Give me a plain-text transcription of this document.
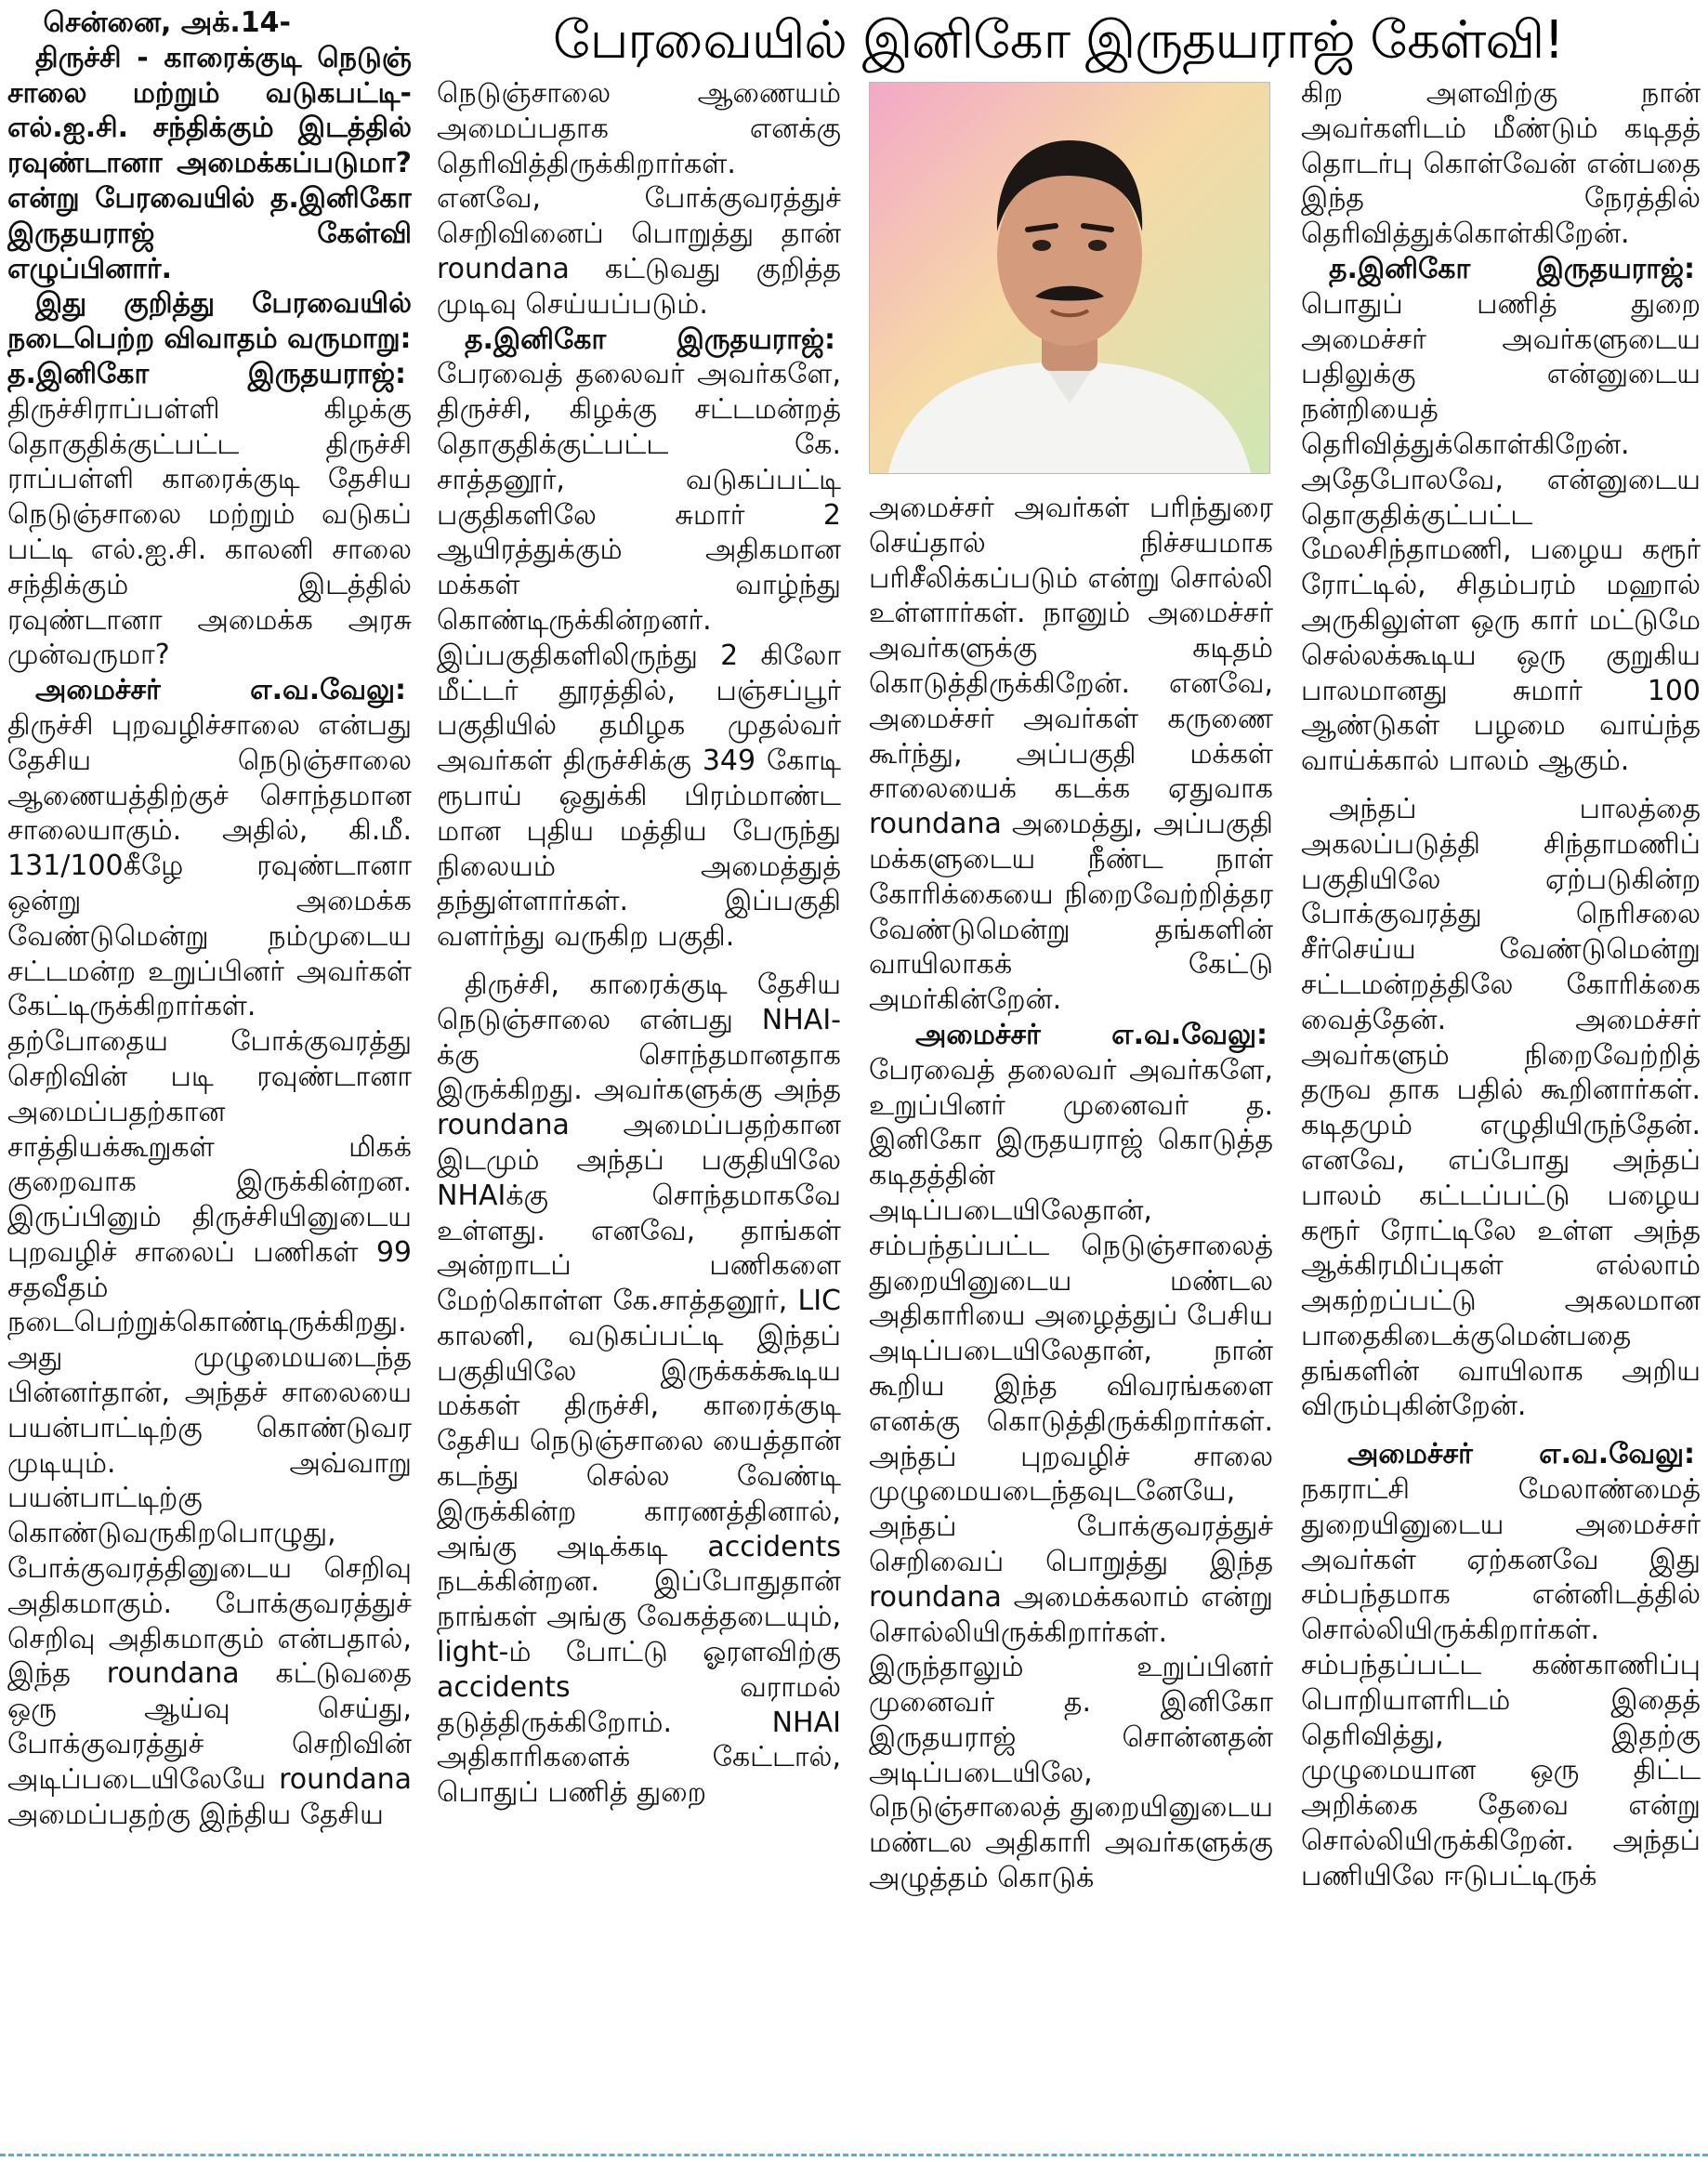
பேரவையில் இனிகோ இருதயராஜ் கேள்வி!

சென்னை, அக்.14-

திருச்சி - காரைக்குடி நெடுஞ் சாலை மற்றும் வடுகபட்டி- எல்.ஐ.சி. சந்திக்கும் இடத்தில் ரவுண்டானா அமைக்கப்படுமா? என்று பேரவையில் த.இனிகோ இருதயராஜ் கேள்வி எழுப்பினார்.

இது குறித்து பேரவையில் நடைபெற்ற விவாதம் வருமாறு:

த.இனிகோ	இருதயராஜ்:

திருச்சிராப்பள்ளி கிழக்கு தொகுதிக்குட்பட்ட திருச்சி ராப்பள்ளி காரைக்குடி தேசிய நெடுஞ்சாலை மற்றும் வடுகப் பட்டி எல்.ஐ.சி. காலனி சாலை சந்திக்கும் இடத்தில் ரவுண்டானா அமைக்க அரசு முன்வருமா?

அமைச்சர்	எ.வ.வேலு:

திருச்சி புறவழிச்சாலை என்பது தேசிய நெடுஞ்சாலை ஆணையத்திற்குச் சொந்தமான சாலையாகும். அதில், கி.மீ. 131/100கீழே ரவுண்டானா ஒன்று அமைக்க வேண்டுமென்று நம்முடைய சட்டமன்ற உறுப்பினர் அவர்கள் கேட்டிருக்கிறார்கள். தற்போதைய போக்குவரத்து செறிவின் படி ரவுண்டானா அமைப்பதற்கான சாத்தியக்கூறுகள் மிகக் குறைவாக இருக்கின்றன. இருப்பினும் திருச்சியினுடைய புறவழிச் சாலைப் பணிகள் 99 சதவீதம் நடைபெற்றுக்கொண்டிருக்கிறது. அது முழுமையடைந்த பின்னர்தான், அந்தச் சாலையை பயன்பாட்டிற்கு கொண்டுவர முடியும். அவ்வாறு பயன்பாட்டிற்கு கொண்டுவருகிறபொழுது, போக்குவரத்தினுடைய செறிவு அதிகமாகும். போக்குவரத்துச் செறிவு அதிகமாகும் என்பதால், இந்த roundana கட்டுவதை ஒரு ஆய்வு செய்து, போக்குவரத்துச் செறிவின் அடிப்படையிலேயே roundana அமைப்பதற்கு இந்திய தேசிய

நெடுஞ்சாலை ஆணையம் அமைப்பதாக எனக்கு தெரிவித்திருக்கிறார்கள். எனவே, போக்குவரத்துச் செறிவினைப் பொறுத்து தான் roundana கட்டுவது குறித்த முடிவு செய்யப்படும்.

த.இனிகோ	இருதயராஜ்:

பேரவைத் தலைவர் அவர்களே, திருச்சி, கிழக்கு சட்டமன்றத் தொகுதிக்குட்பட்ட கே. சாத்தனூர், வடுகப்பட்டி பகுதிகளிலே சுமார் 2 ஆயிரத்துக்கும் அதிகமான மக்கள் வாழ்ந்து கொண்டிருக்கின்றனர். இப்பகுதிகளிலிருந்து 2 கிலோ மீட்டர் தூரத்தில், பஞ்சப்பூர் பகுதியில் தமிழக முதல்வர் அவர்கள் திருச்சிக்கு 349 கோடி ரூபாய் ஒதுக்கி பிரம்மாண்ட மான புதிய மத்திய பேருந்து நிலையம் அமைத்துத் தந்துள்ளார்கள். இப்பகுதி வளர்ந்து வருகிற பகுதி.

திருச்சி, காரைக்குடி தேசிய நெடுஞ்சாலை என்பது NHAI-க்கு சொந்தமானதாக இருக்கிறது. அவர்களுக்கு அந்த roundana அமைப்பதற்கான இடமும் அந்தப் பகுதியிலே NHAIக்கு சொந்தமாகவே உள்ளது. எனவே, தாங்கள் அன்றாடப் பணிகளை மேற்கொள்ள கே.சாத்தனூர், LIC காலனி, வடுகப்பட்டி இந்தப் பகுதியிலே இருக்கக்கூடிய மக்கள் திருச்சி, காரைக்குடி தேசிய நெடுஞ்சாலை யைத்தான் கடந்து செல்ல வேண்டி இருக்கின்ற காரணத்தினால், அங்கு அடிக்கடி accidents நடக்கின்றன. இப்போதுதான் நாங்கள் அங்கு வேகத்தடையும், light-ம் போட்டு ஓரளவிற்கு accidents வராமல் தடுத்திருக்கிறோம். NHAI அதிகாரிகளைக் கேட்டால், பொதுப் பணித் துறை

அமைச்சர் அவர்கள் பரிந்துரை செய்தால் நிச்சயமாக பரிசீலிக்கப்படும் என்று சொல்லி உள்ளார்கள். நானும் அமைச்சர் அவர்களுக்கு கடிதம் கொடுத்திருக்கிறேன். எனவே, அமைச்சர் அவர்கள் கருணை கூர்ந்து, அப்பகுதி மக்கள் சாலையைக் கடக்க ஏதுவாக roundana அமைத்து, அப்பகுதி மக்களுடைய நீண்ட நாள் கோரிக்கையை நிறைவேற்றித்தர வேண்டுமென்று தங்களின் வாயிலாகக் கேட்டு அமர்கின்றேன்.

அமைச்சர்	எ.வ.வேலு:

பேரவைத் தலைவர் அவர்களே, உறுப்பினர் முனைவர் த. இனிகோ இருதயராஜ் கொடுத்த கடிதத்தின் அடிப்படையிலேதான், சம்பந்தப்பட்ட நெடுஞ்சாலைத் துறையினுடைய மண்டல அதிகாரியை அழைத்துப் பேசிய அடிப்படையிலேதான், நான் கூறிய இந்த விவரங்களை எனக்கு கொடுத்திருக்கிறார்கள். அந்தப் புறவழிச் சாலை முழுமையடைந்தவுடனேயே, அந்தப் போக்குவரத்துச் செறிவைப் பொறுத்து இந்த roundana அமைக்கலாம் என்று சொல்லியிருக்கிறார்கள். இருந்தாலும் உறுப்பினர் முனைவர் த. இனிகோ இருதயராஜ் சொன்னதன் அடிப்படையிலே, நெடுஞ்சாலைத் துறையினுடைய மண்டல அதிகாரி அவர்களுக்கு அழுத்தம் கொடுக்

கிற அளவிற்கு நான் அவர்களிடம் மீண்டும் கடிதத் தொடர்பு கொள்வேன் என்பதை இந்த நேரத்தில் தெரிவித்துக்கொள்கிறேன்.

த.இனிகோ இருதயராஜ்:

பொதுப் பணித் துறை அமைச்சர் அவர்களுடைய பதிலுக்கு என்னுடைய நன்றியைத் தெரிவித்துக்கொள்கிறேன். அதேபோலவே, என்னுடைய தொகுதிக்குட்பட்ட மேலசிந்தாமணி, பழைய கரூர் ரோட்டில், சிதம்பரம் மஹால் அருகிலுள்ள ஒரு கார் மட்டுமே செல்லக்கூடிய ஒரு குறுகிய பாலமானது சுமார் 100 ஆண்டுகள் பழமை வாய்ந்த வாய்க்கால் பாலம் ஆகும்.

அந்தப் பாலத்தை அகலப்படுத்தி சிந்தாமணிப் பகுதியிலே ஏற்படுகின்ற போக்குவரத்து நெரிசலை சீர்செய்ய வேண்டுமென்று சட்டமன்றத்திலே கோரிக்கை வைத்தேன். அமைச்சர் அவர்களும் நிறைவேற்றித் தருவ தாக பதில் கூறினார்கள். கடிதமும் எழுதியிருந்தேன். எனவே, எப்போது அந்தப் பாலம் கட்டப்பட்டு பழைய கரூர் ரோட்டிலே உள்ள அந்த ஆக்கிரமிப்புகள் எல்லாம் அகற்றப்பட்டு அகலமான பாதைகிடைக்குமென்பதை தங்களின் வாயிலாக அறிய விரும்புகின்றேன்.

அமைச்சர் எ.வ.வேலு:

நகராட்சி மேலாண்மைத் துறையினுடைய அமைச்சர் அவர்கள் ஏற்கனவே இது சம்பந்தமாக என்னிடத்தில் சொல்லியிருக்கிறார்கள். சம்பந்தப்பட்ட கண்காணிப்பு பொறியாளரிடம் இதைத் தெரிவித்து, இதற்கு முழுமையான ஒரு திட்ட அறிக்கை தேவை என்று சொல்லியிருக்கிறேன். அந்தப் பணியிலே ஈடுபட்டிருக்
